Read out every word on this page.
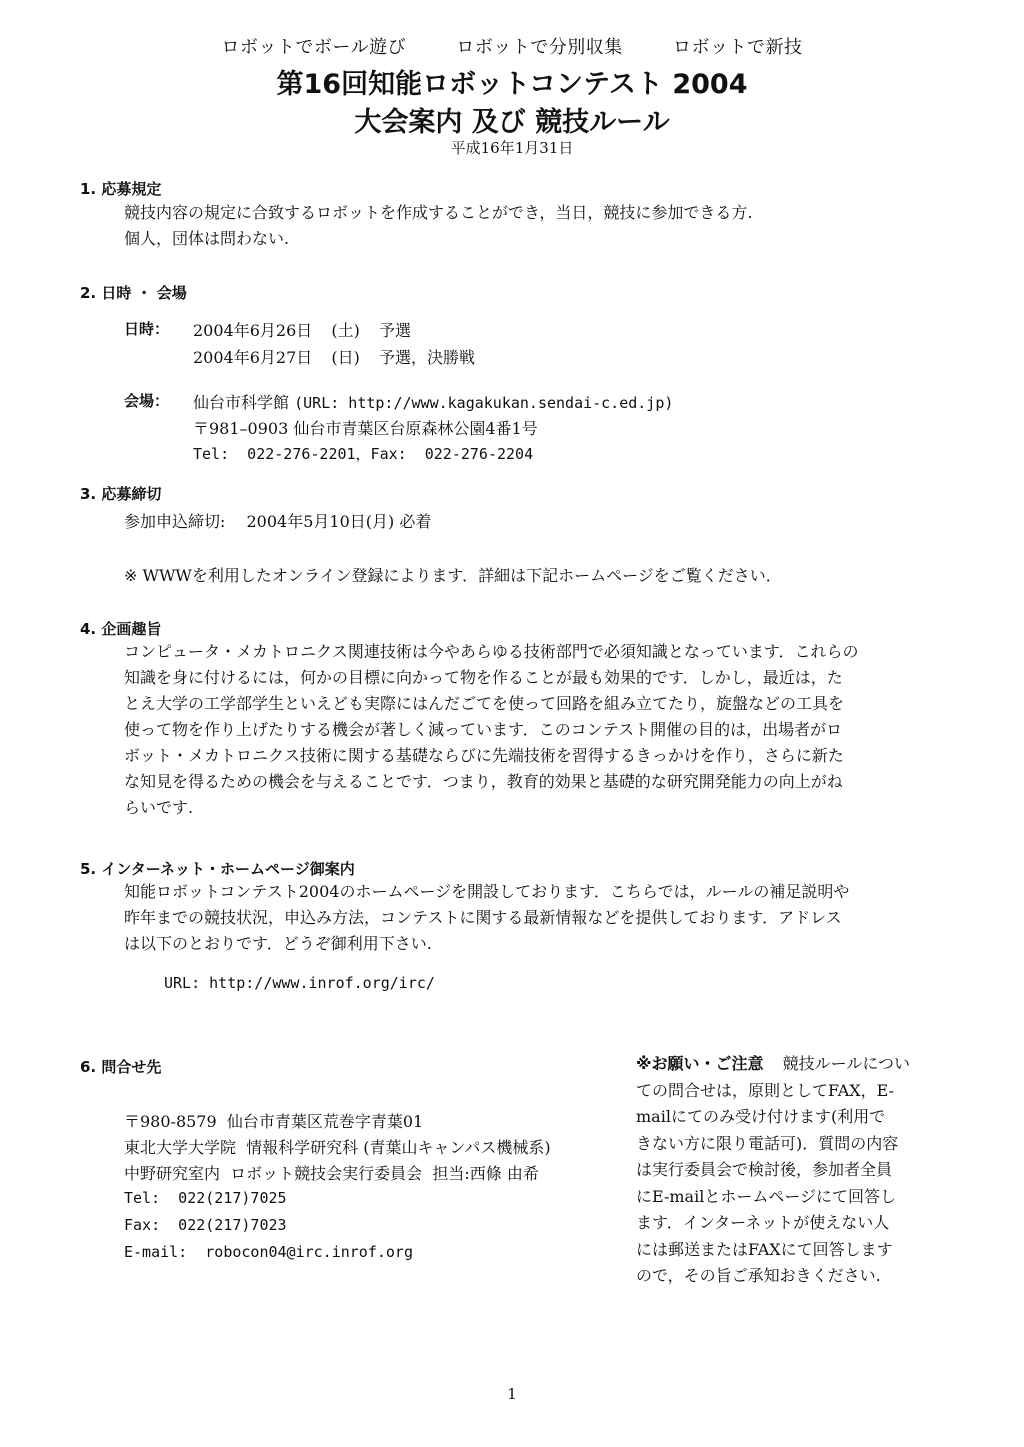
ロボットでボール遊び	ロボットで分別収集	ロボットで新技
第16回知能ロボットコンテスト 2004
大会案内 及び 競技ルール
平成16年1月31日
1. 応募規定
競技内容の規定に合致するロボットを作成することができ，当日，競技に参加できる方.
個人，団体は問わない.
2. 日時 ・ 会場
日時： 2004年6月26日 (土) 予選
2004年6月27日 (日) 予選，決勝戦
会場： 仙台市科学館 (URL: http://www.kagakukan.sendai-c.ed.jp)
〒981–0903 仙台市青葉区台原森林公園4番1号
Tel:  022-276-2201，Fax:  022-276-2204
3. 応募締切
参加申込締切: 2004年5月10日(月) 必着
※ WWWを利用したオンライン登録によります．詳細は下記ホームページをご覧ください．
4. 企画趣旨
コンピュータ・メカトロニクス関連技術は今やあらゆる技術部門で必須知識となっています．これらの
知識を身に付けるには，何かの目標に向かって物を作ることが最も効果的です．しかし，最近は，た
とえ大学の工学部学生といえども実際にはんだごてを使って回路を組み立てたり，旋盤などの工具を
使って物を作り上げたりする機会が著しく減っています．このコンテスト開催の目的は，出場者がロ
ボット・メカトロニクス技術に関する基礎ならびに先端技術を習得するきっかけを作り，さらに新た
な知見を得るための機会を与えることです．つまり，教育的効果と基礎的な研究開発能力の向上がね
らいです.
5. インターネット・ホームページ御案内
知能ロボットコンテスト2004のホームページを開設しております．こちらでは，ルールの補足説明や
昨年までの競技状況，申込み方法，コンテストに関する最新情報などを提供しております．アドレス
は以下のとおりです．どうぞ御利用下さい.
URL: http://www.inrof.org/irc/
6. 問合せ先
〒980-8579  仙台市青葉区荒巻字青葉01
東北大学大学院  情報科学研究科 (青葉山キャンパス機械系)
中野研究室内  ロボット競技会実行委員会  担当:西條 由希
Tel:  022(217)7025
Fax:  022(217)7023
E-mail:  robocon04@irc.inrof.org
※お願い・ご注意 競技ルールについ
ての問合せは，原則としてFAX，E-
mailにてのみ受け付けます(利用で
きない方に限り電話可)．質問の内容
は実行委員会で検討後，参加者全員
にE-mailとホームページにて回答し
ます．インターネットが使えない人
には郵送またはFAXにて回答します
ので，その旨ご承知おきください.
1
